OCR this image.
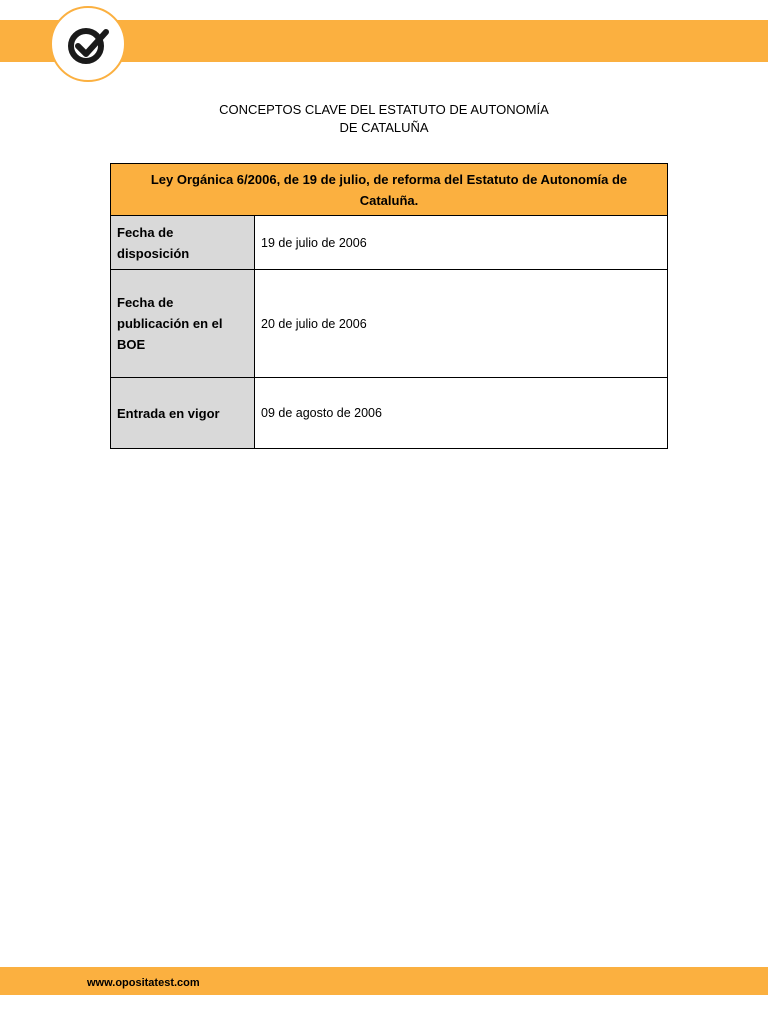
CONCEPTOS CLAVE DEL ESTATUTO DE AUTONOMÍA
DE CATALUÑA
Ley Orgánica 6/2006, de 19 de julio, de reforma del Estatuto de Autonomía de Cataluña.	
Fecha de disposición	19 de julio de 2006
Fecha de publicación en el BOE	20 de julio de 2006
Entrada en vigor	09 de agosto de 2006
www.opositatest.com
